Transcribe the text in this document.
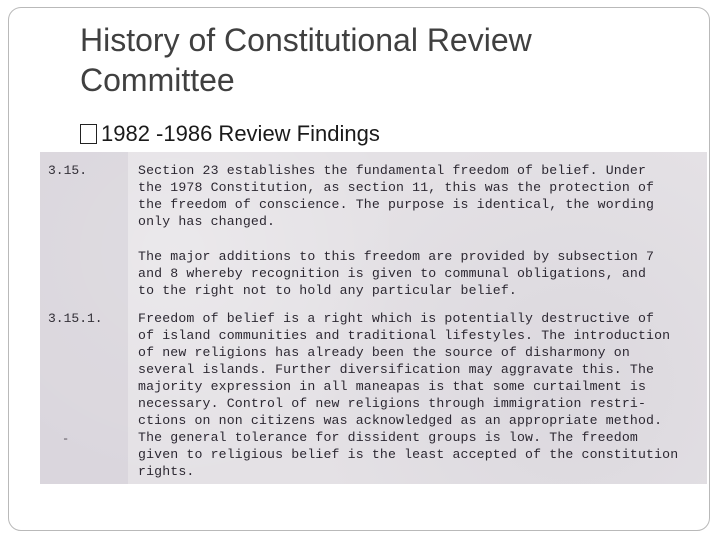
History of Constitutional Review Committee
1982 -1986 Review Findings
3.15.	Section 23 establishes the fundamental freedom of belief. Under
the 1978 Constitution, as section 11, this was the protection of
the freedom of conscience. The purpose is identical, the wording
only has changed.
The major additions to this freedom are provided by subsection 7
and 8 whereby recognition is given to communal obligations, and
to the right not to hold any particular belief.
3.15.1.	Freedom of belief is a right which is potentially destructive of
of island communities and traditional lifestyles. The introduction
of new religions has already been the source of disharmony on
several islands. Further diversification may aggravate this. The
majority expression in all maneapas is that some curtailment is
necessary. Control of new religions through immigration restri-
ctions on non citizens was acknowledged as an appropriate method.
The general tolerance for dissident groups is low. The freedom
given to religious belief is the least accepted of the constitution
rights.
-
